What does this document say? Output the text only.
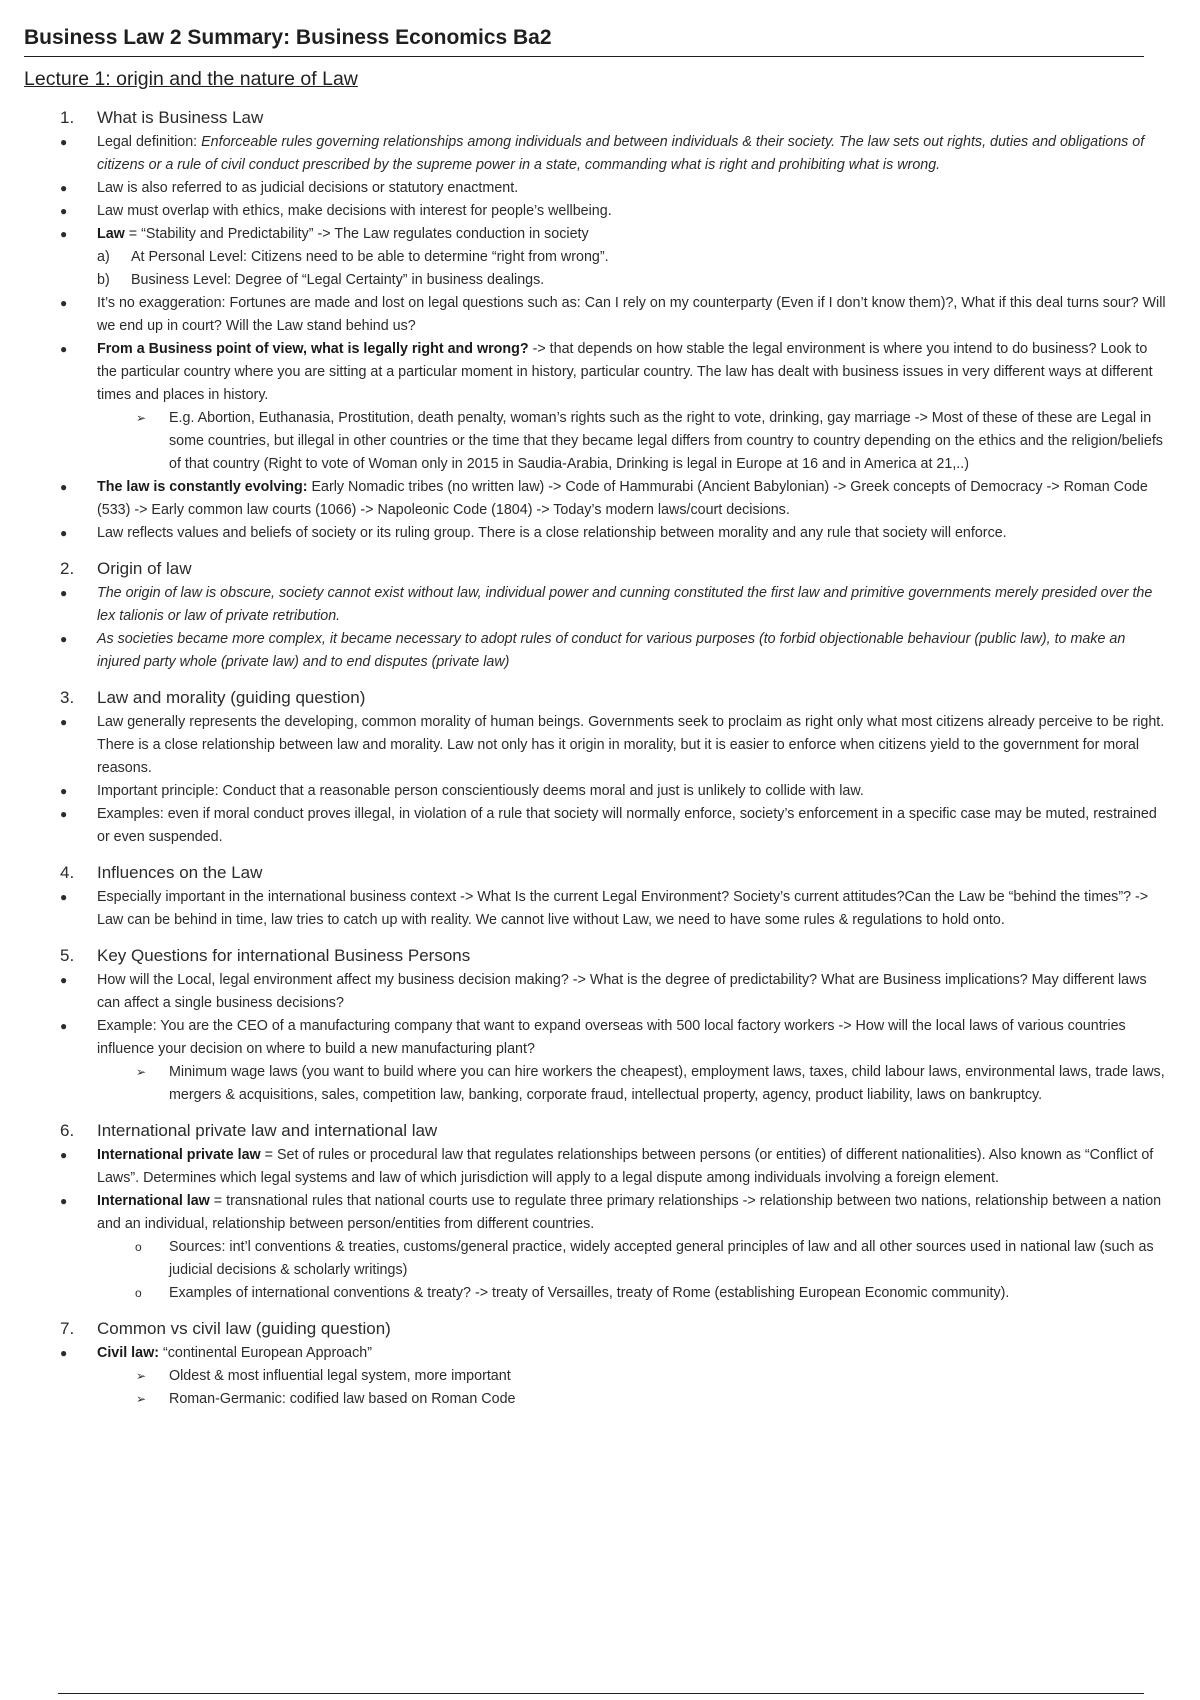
Business Law 2 Summary: Business Economics Ba2
Lecture 1: origin and the nature of Law
1. What is Business Law
● Legal definition: Enforceable rules governing relationships among individuals and between individuals & their society. The law sets out rights, duties and obligations of citizens or a rule of civil conduct prescribed by the supreme power in a state, commanding what is right and prohibiting what is wrong.
● Law is also referred to as judicial decisions or statutory enactment.
● Law must overlap with ethics, make decisions with interest for people’s wellbeing.
● Law = “Stability and Predictability” -> The Law regulates conduction in society
a) At Personal Level: Citizens need to be able to determine “right from wrong”.
b) Business Level: Degree of “Legal Certainty” in business dealings.
● It’s no exaggeration: Fortunes are made and lost on legal questions such as: Can I rely on my counterparty (Even if I don’t know them)?, What if this deal turns sour? Will we end up in court? Will the Law stand behind us?
● From a Business point of view, what is legally right and wrong? -> that depends on how stable the legal environment is where you intend to do business? Look to the particular country where you are sitting at a particular moment in history, particular country. The law has dealt with business issues in very different ways at different times and places in history.
➢ E.g. Abortion, Euthanasia, Prostitution, death penalty, woman’s rights such as the right to vote, drinking, gay marriage -> Most of these of these are Legal in some countries, but illegal in other countries or the time that they became legal differs from country to country depending on the ethics and the religion/beliefs of that country (Right to vote of Woman only in 2015 in Saudia-Arabia, Drinking is legal in Europe at 16 and in America at 21,..)
● The law is constantly evolving: Early Nomadic tribes (no written law) -> Code of Hammurabi (Ancient Babylonian) -> Greek concepts of Democracy -> Roman Code (533) -> Early common law courts (1066) -> Napoleonic Code (1804) -> Today’s modern laws/court decisions.
● Law reflects values and beliefs of society or its ruling group. There is a close relationship between morality and any rule that society will enforce.
2. Origin of law
● The origin of law is obscure, society cannot exist without law, individual power and cunning constituted the first law and primitive governments merely presided over the lex talionis or law of private retribution.
● As societies became more complex, it became necessary to adopt rules of conduct for various purposes (to forbid objectionable behaviour (public law), to make an injured party whole (private law) and to end disputes (private law)
3. Law and morality (guiding question)
● Law generally represents the developing, common morality of human beings. Governments seek to proclaim as right only what most citizens already perceive to be right. There is a close relationship between law and morality. Law not only has it origin in morality, but it is easier to enforce when citizens yield to the government for moral reasons.
● Important principle: Conduct that a reasonable person conscientiously deems moral and just is unlikely to collide with law.
● Examples: even if moral conduct proves illegal, in violation of a rule that society will normally enforce, society’s enforcement in a specific case may be muted, restrained or even suspended.
4. Influences on the Law
● Especially important in the international business context -> What Is the current Legal Environment? Society’s current attitudes?Can the Law be “behind the times”? -> Law can be behind in time, law tries to catch up with reality. We cannot live without Law, we need to have some rules & regulations to hold onto.
5. Key Questions for international Business Persons
● How will the Local, legal environment affect my business decision making? -> What is the degree of predictability? What are Business implications? May different laws can affect a single business decisions?
● Example: You are the CEO of a manufacturing company that want to expand overseas with 500 local factory workers -> How will the local laws of various countries influence your decision on where to build a new manufacturing plant?
➢ Minimum wage laws (you want to build where you can hire workers the cheapest), employment laws, taxes, child labour laws, environmental laws, trade laws, mergers & acquisitions, sales, competition law, banking, corporate fraud, intellectual property, agency, product liability, laws on bankruptcy.
6. International private law and international law
● International private law = Set of rules or procedural law that regulates relationships between persons (or entities) of different nationalities). Also known as “Conflict of Laws”. Determines which legal systems and law of which jurisdiction will apply to a legal dispute among individuals involving a foreign element.
● International law = transnational rules that national courts use to regulate three primary relationships -> relationship between two nations, relationship between a nation and an individual, relationship between person/entities from different countries.
o Sources: int’l conventions & treaties, customs/general practice, widely accepted general principles of law and all other sources used in national law (such as judicial decisions & scholarly writings)
o Examples of international conventions & treaty? -> treaty of Versailles, treaty of Rome (establishing European Economic community).
7. Common vs civil law (guiding question)
● Civil law: “continental European Approach”
➢ Oldest & most influential legal system, more important
➢ Roman-Germanic: codified law based on Roman Code
